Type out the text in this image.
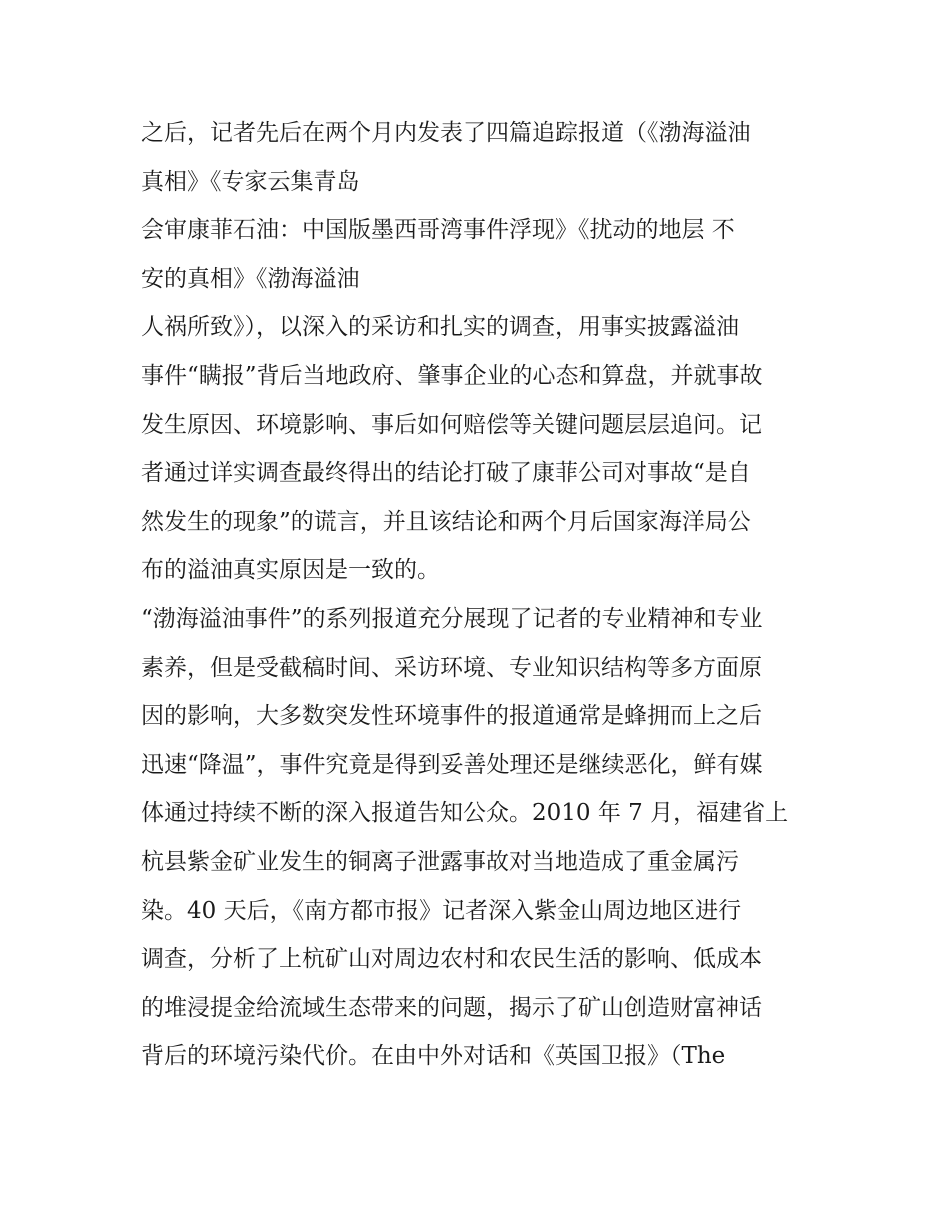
之后，记者先后在两个月内发表了四篇追踪报道（《渤海溢油
真相》《专家云集青岛
会审康菲石油：中国版墨西哥湾事件浮现》《扰动的地层 不
安的真相》《渤海溢油
人祸所致》），以深入的采访和扎实的调查，用事实披露溢油
事件“瞒报”背后当地政府、肇事企业的心态和算盘，并就事故
发生原因、环境影响、事后如何赔偿等关键问题层层追问。记
者通过详实调查最终得出的结论打破了康菲公司对事故“是自
然发生的现象”的谎言，并且该结论和两个月后国家海洋局公
布的溢油真实原因是一致的。
“渤海溢油事件”的系列报道充分展现了记者的专业精神和专业
素养，但是受截稿时间、采访环境、专业知识结构等多方面原
因的影响，大多数突发性环境事件的报道通常是蜂拥而上之后
迅速“降温”，事件究竟是得到妥善处理还是继续恶化，鲜有媒
体通过持续不断的深入报道告知公众。2010 年 7 月，福建省上
杭县紫金矿业发生的铜离子泄露事故对当地造成了重金属污
染。40 天后，《南方都市报》记者深入紫金山周边地区进行
调查，分析了上杭矿山对周边农村和农民生活的影响、低成本
的堆浸提金给流域生态带来的问题，揭示了矿山创造财富神话
背后的环境污染代价。在由中外对话和《英国卫报》（The
